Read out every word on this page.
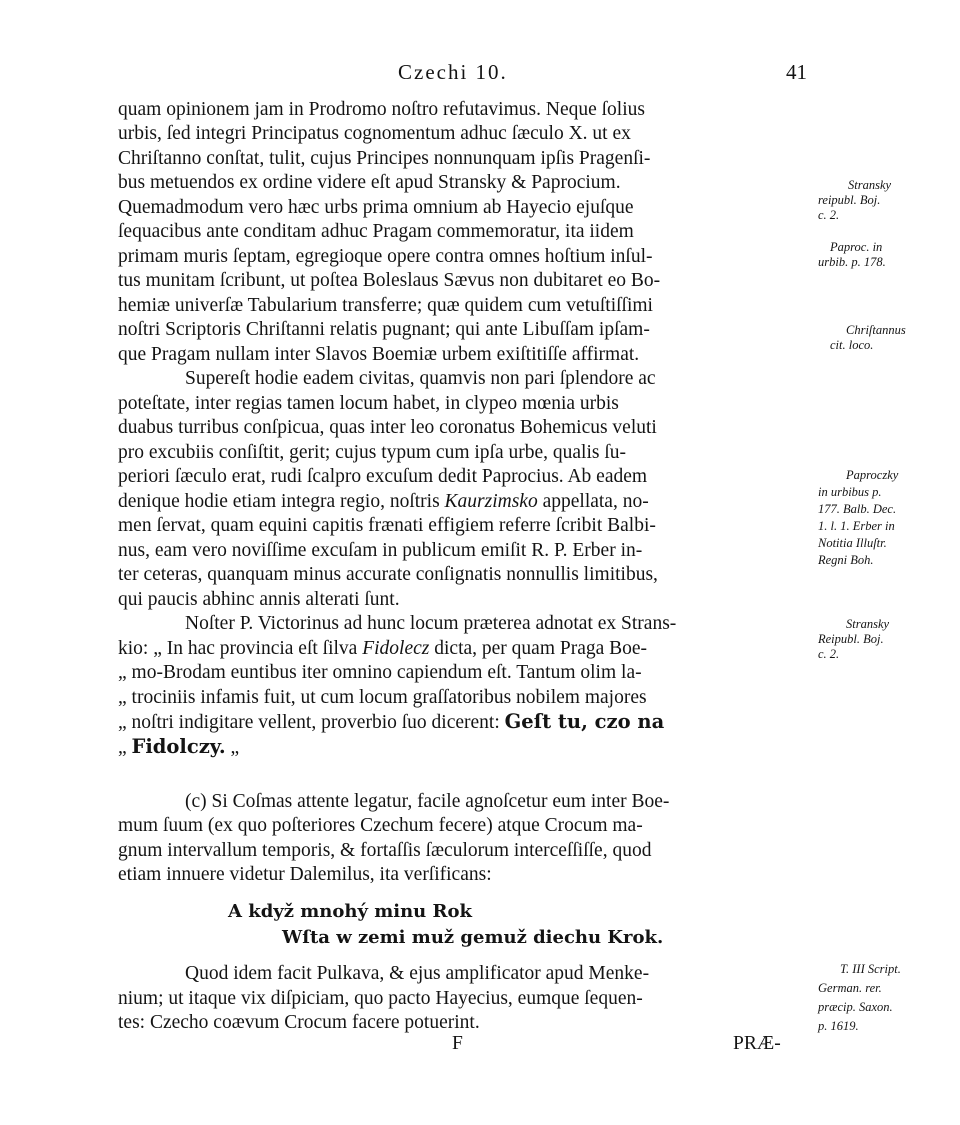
Czechi 10.	41
quam opinionem jam in Prodromo noſtro refutavimus. Neque ſolius
urbis, ſed integri Principatus cognomentum adhuc ſæculo X. ut ex
Chriſtanno conſtat, tulit, cujus Principes nonnunquam ipſis Pragenſi-
bus metuendos ex ordine videre eſt apud Stransky & Paprocium.
Quemadmodum vero hæc urbs prima omnium ab Hayecio ejuſque
ſequacibus ante conditam adhuc Pragam commemoratur, ita iidem
primam muris ſeptam, egregioque opere contra omnes hoſtium inſul-
tus munitam ſcribunt, ut poſtea Boleslaus Sævus non dubitaret eo Bo-
hemiæ univerſæ Tabularium transferre; quæ quidem cum vetuſtiſſimi
noſtri Scriptoris Chriſtanni relatis pugnant; qui ante Libuſſam ipſam-
que Pragam nullam inter Slavos Boemiæ urbem exiſtitiſſe affirmat.
Supereſt hodie eadem civitas, quamvis non pari ſplendore ac
poteſtate, inter regias tamen locum habet, in clypeo mœnia urbis
duabus turribus conſpicua, quas inter leo coronatus Bohemicus veluti
pro excubiis conſiſtit, gerit; cujus typum cum ipſa urbe, qualis ſu-
periori ſæculo erat, rudi ſcalpro excuſum dedit Paprocius. Ab eadem
denique hodie etiam integra regio, noſtris Kaurzimsko appellata, no-
men ſervat, quam equini capitis frænati effigiem referre ſcribit Balbi-
nus, eam vero noviſſime excuſam in publicum emiſit R. P. Erber in-
ter ceteras, quanquam minus accurate conſignatis nonnullis limitibus,
qui paucis abhinc annis alterati ſunt.
Noſter P. Victorinus ad hunc locum præterea adnotat ex Strans-
kio: „ In hac provincia eſt ſilva Fidolecz dicta, per quam Praga Boe-
„ mo-Brodam euntibus iter omnino capiendum eſt. Tantum olim la-
„ trociniis infamis fuit, ut cum locum graſſatoribus nobilem majores
„ noſtri indigitare vellent, proverbio ſuo dicerent: Geſt tu, czo na
„ Fidolczy. „
(c) Si Coſmas attente legatur, facile agnoſcetur eum inter Boe-
mum ſuum (ex quo poſteriores Czechum fecere) atque Crocum ma-
gnum intervallum temporis, & fortaſſis ſæculorum interceſſiſſe, quod
etiam innuere videtur Dalemilus, ita verſificans:
A když mnohý minu Rok
Wſta w zemi muž gemuž diechu Krok.
Quod idem facit Pulkava, & ejus amplificator apud Menke-
nium; ut itaque vix diſpiciam, quo pacto Hayecius, eumque ſequen-
tes: Czecho coævum Crocum facere potuerint.
F	PRÆ-
Stransky
reipubl. Boj.
c. 2.
Paproc. in
urbib. p. 178.
Chriſtannus
cit. loco.
Paproczky
in urbibus p.
177. Balb. Dec.
1. l. 1. Erber in
Notitia Illuſtr.
Regni Boh.
Stransky
Reipubl. Boj.
c. 2.
T. III Script.
German. rer.
præcip. Saxon.
p. 1619.
